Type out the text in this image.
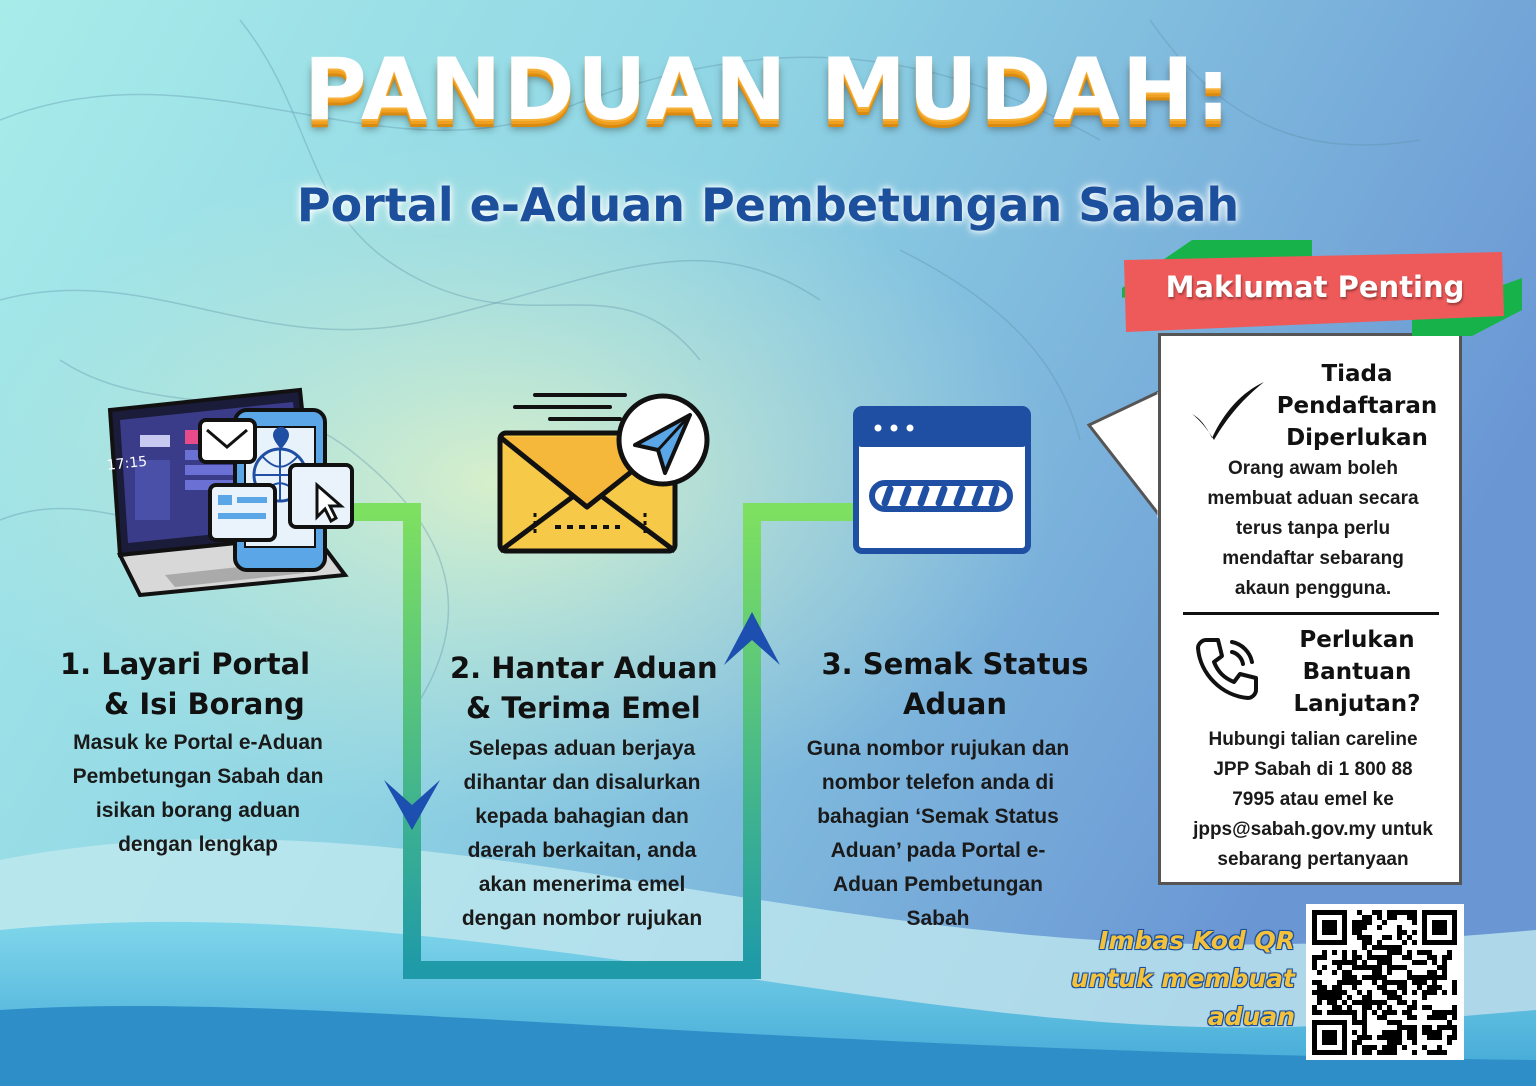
PANDUAN MUDAH:
Portal e-Aduan Pembetungan Sabah
17:15
1. Layari Portal
& Isi Borang
Masuk ke Portal e-Aduan
Pembetungan Sabah dan
isikan borang aduan
dengan lengkap
2. Hantar Aduan
& Terima Emel
Selepas aduan berjaya
dihantar dan disalurkan
kepada bahagian dan
daerah berkaitan, anda
akan menerima emel
dengan nombor rujukan
3. Semak Status
Aduan
Guna nombor rujukan dan
nombor telefon anda di
bahagian ‘Semak Status
Aduan’ pada Portal e-
Aduan Pembetungan
Sabah
Maklumat Penting
Tiada
Pendaftaran
Diperlukan
Orang awam boleh
membuat aduan secara
terus tanpa perlu
mendaftar sebarang
akaun pengguna.
Perlukan
Bantuan
Lanjutan?
Hubungi talian careline
JPP Sabah di 1 800 88
7995 atau emel ke
jpps@sabah.gov.my untuk
sebarang pertanyaan
Imbas Kod QR
untuk membuat
aduan
